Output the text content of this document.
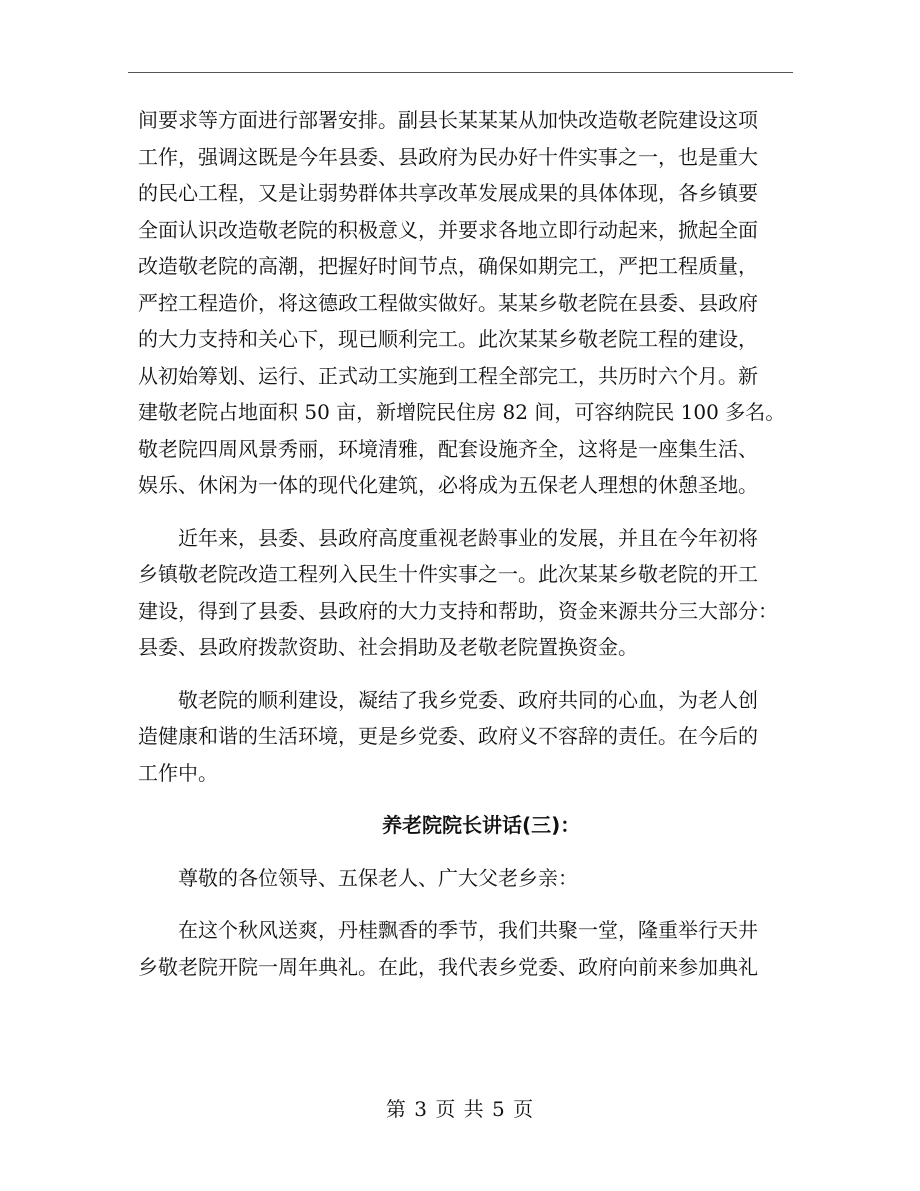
间要求等方面进行部署安排。副县长某某某从加快改造敬老院建设这项
工作，强调这既是今年县委、县政府为民办好十件实事之一，也是重大
的民心工程，又是让弱势群体共享改革发展成果的具体体现，各乡镇要
全面认识改造敬老院的积极意义，并要求各地立即行动起来，掀起全面
改造敬老院的高潮，把握好时间节点，确保如期完工，严把工程质量，
严控工程造价，将这德政工程做实做好。某某乡敬老院在县委、县政府
的大力支持和关心下，现已顺利完工。此次某某乡敬老院工程的建设，
从初始筹划、运行、正式动工实施到工程全部完工，共历时六个月。新
建敬老院占地面积 50 亩，新增院民住房 82 间，可容纳院民 100 多名。
敬老院四周风景秀丽，环境清雅，配套设施齐全，这将是一座集生活、
娱乐、休闲为一体的现代化建筑，必将成为五保老人理想的休憩圣地。

　　近年来，县委、县政府高度重视老龄事业的发展，并且在今年初将
乡镇敬老院改造工程列入民生十件实事之一。此次某某乡敬老院的开工
建设，得到了县委、县政府的大力支持和帮助，资金来源共分三大部分：
县委、县政府拨款资助、社会捐助及老敬老院置换资金。

　　敬老院的顺利建设，凝结了我乡党委、政府共同的心血，为老人创
造健康和谐的生活环境，更是乡党委、政府义不容辞的责任。在今后的
工作中。

养老院院长讲话(三)：

　　尊敬的各位领导、五保老人、广大父老乡亲：

　　在这个秋风送爽，丹桂飘香的季节，我们共聚一堂，隆重举行天井
乡敬老院开院一周年典礼。在此，我代表乡党委、政府向前来参加典礼

第 3 页 共 5 页
